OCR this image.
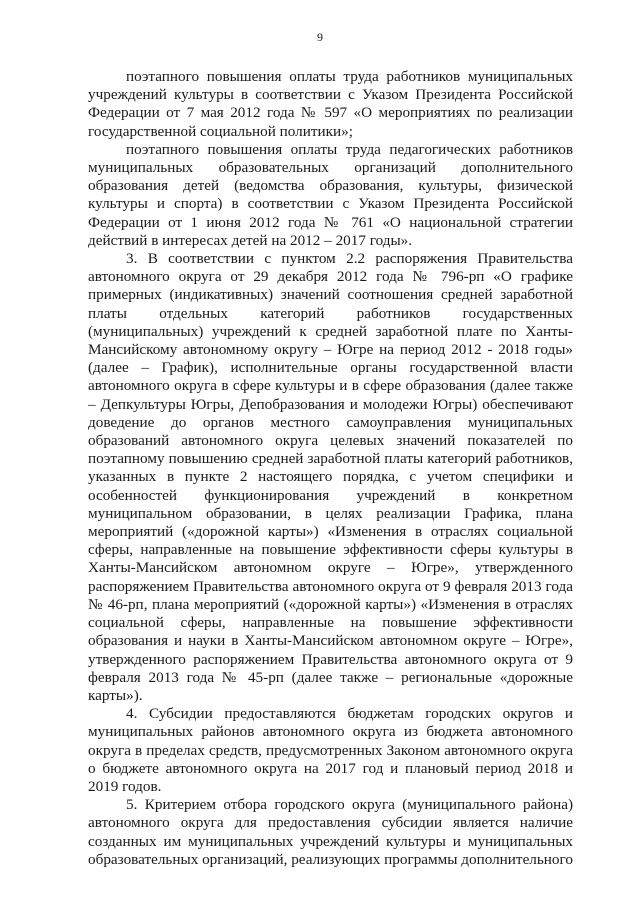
9

поэтапного повышения оплаты труда работников муниципальных учреждений культуры в соответствии с Указом Президента Российской Федерации от 7 мая 2012 года № 597 «О мероприятиях по реализации государственной социальной политики»;

поэтапного повышения оплаты труда педагогических работников муниципальных образовательных организаций дополнительного образования детей (ведомства образования, культуры, физической культуры и спорта) в соответствии с Указом Президента Российской Федерации от 1 июня 2012 года № 761 «О национальной стратегии действий в интересах детей на 2012 – 2017 годы».

3. В соответствии с пунктом 2.2 распоряжения Правительства автономного округа от 29 декабря 2012 года № 796-рп «О графике примерных (индикативных) значений соотношения средней заработной платы отдельных категорий работников государственных (муниципальных) учреждений к средней заработной плате по Ханты-Мансийскому автономному округу – Югре на период 2012 - 2018 годы» (далее – График), исполнительные органы государственной власти автономного округа в сфере культуры и в сфере образования (далее также – Депкультуры Югры, Депобразования и молодежи Югры) обеспечивают доведение до органов местного самоуправления муниципальных образований автономного округа целевых значений показателей по поэтапному повышению средней заработной платы категорий работников, указанных в пункте 2 настоящего порядка, с учетом специфики и особенностей функционирования учреждений в конкретном муниципальном образовании, в целях реализации Графика, плана мероприятий («дорожной карты») «Изменения в отраслях социальной сферы, направленные на повышение эффективности сферы культуры в Ханты-Мансийском автономном округе – Югре», утвержденного распоряжением Правительства автономного округа от 9 февраля 2013 года № 46-рп, плана мероприятий («дорожной карты») «Изменения в отраслях социальной сферы, направленные на повышение эффективности образования и науки в Ханты-Мансийском автономном округе – Югре», утвержденного распоряжением Правительства автономного округа от 9 февраля 2013 года № 45-рп (далее также – региональные «дорожные карты»).

4. Субсидии предоставляются бюджетам городских округов и муниципальных районов автономного округа из бюджета автономного округа в пределах средств, предусмотренных Законом автономного округа о бюджете автономного округа на 2017 год и плановый период 2018 и 2019 годов.

5. Критерием отбора городского округа (муниципального района) автономного округа для предоставления субсидии является наличие созданных им муниципальных учреждений культуры и муниципальных образовательных организаций, реализующих программы дополнительного
